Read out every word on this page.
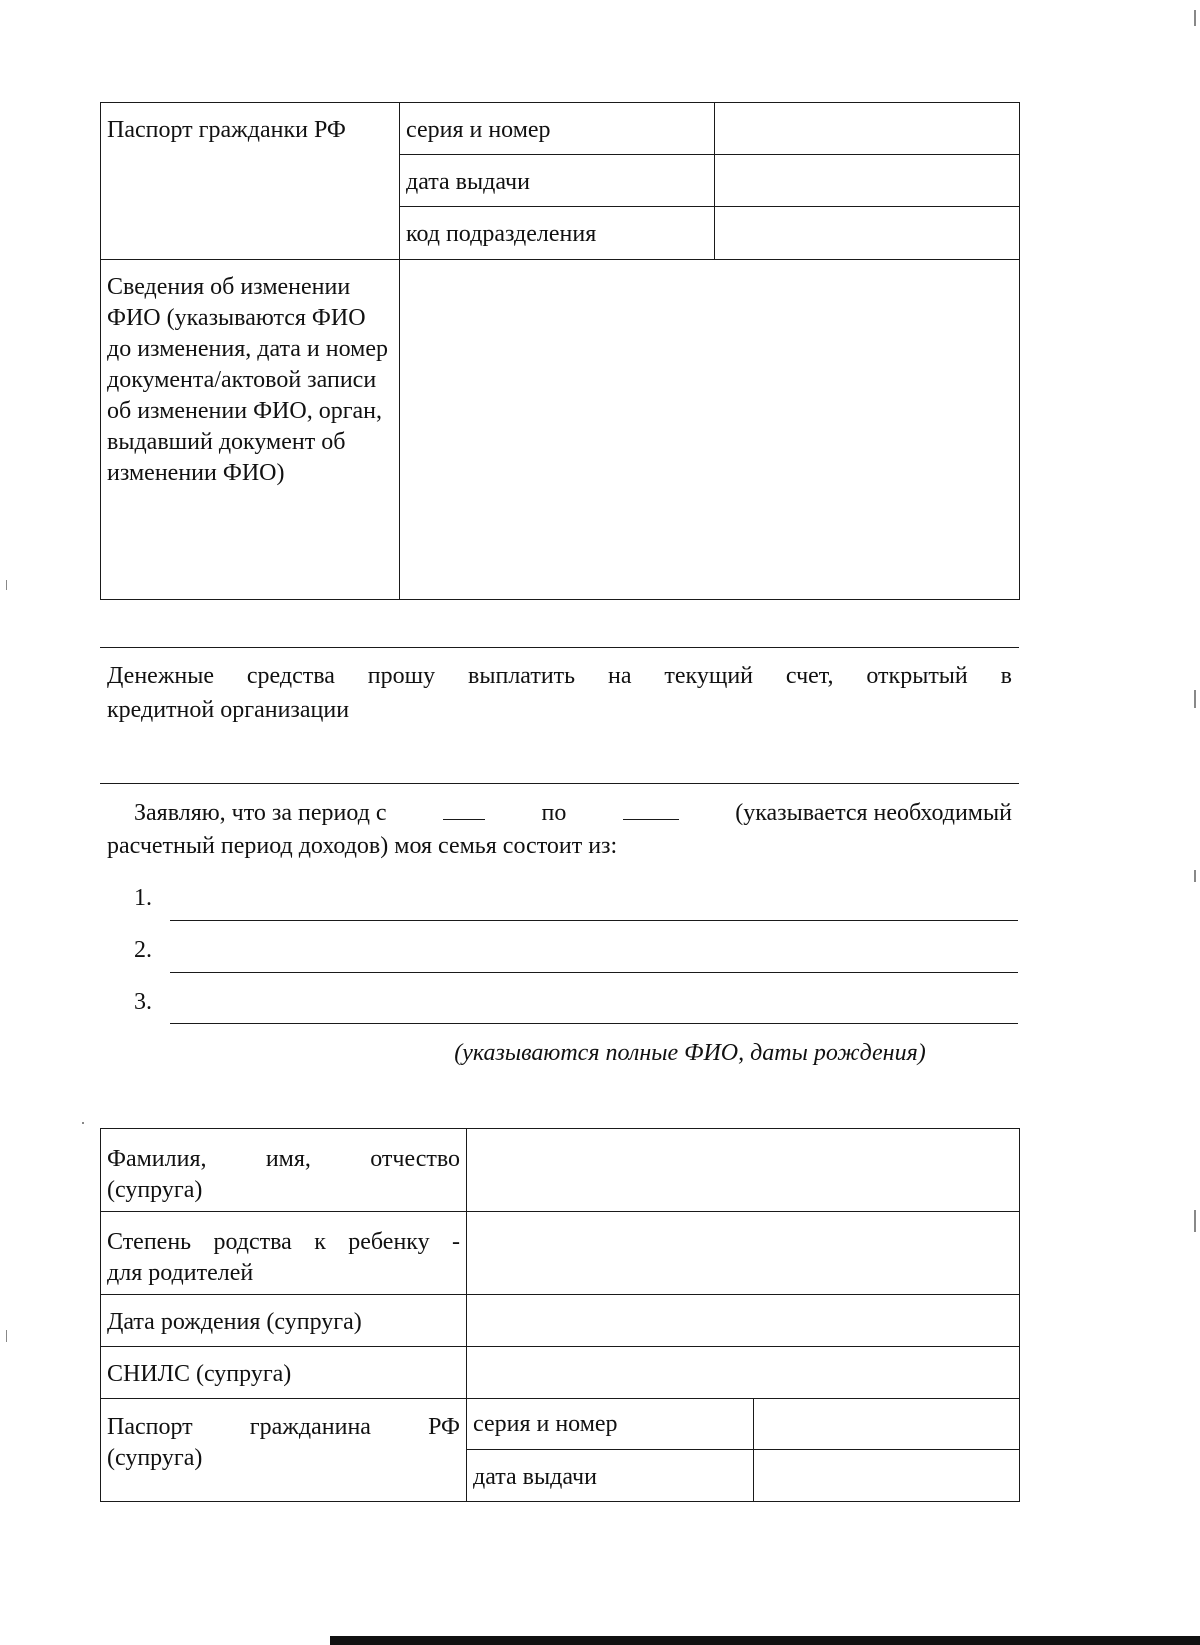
Паспорт гражданки РФ	серия и номер	

	дата выдачи	

	код подразделения	

Сведения об изменении ФИО (указываются ФИО до изменения, дата и номер документа/актовой записи об изменении ФИО, орган, выдавший документ об изменении ФИО)		

Денежные средства прошу выплатить на текущий счет, открытый в
кредитной организации
Заявляю, что за период с	по	(указывается необходимый
расчетный период доходов) моя семья состоит из:
1.
2.
3.
(указываются полные ФИО, даты рождения)
Фамилия, имя, отчество
(супруга)		

Степень родства к ребенку -
для родителей		

Дата рождения (супруга)		

СНИЛС (супруга)		

Паспорт гражданина РФ
(супруга)	серия и номер	

	дата выдачи	
